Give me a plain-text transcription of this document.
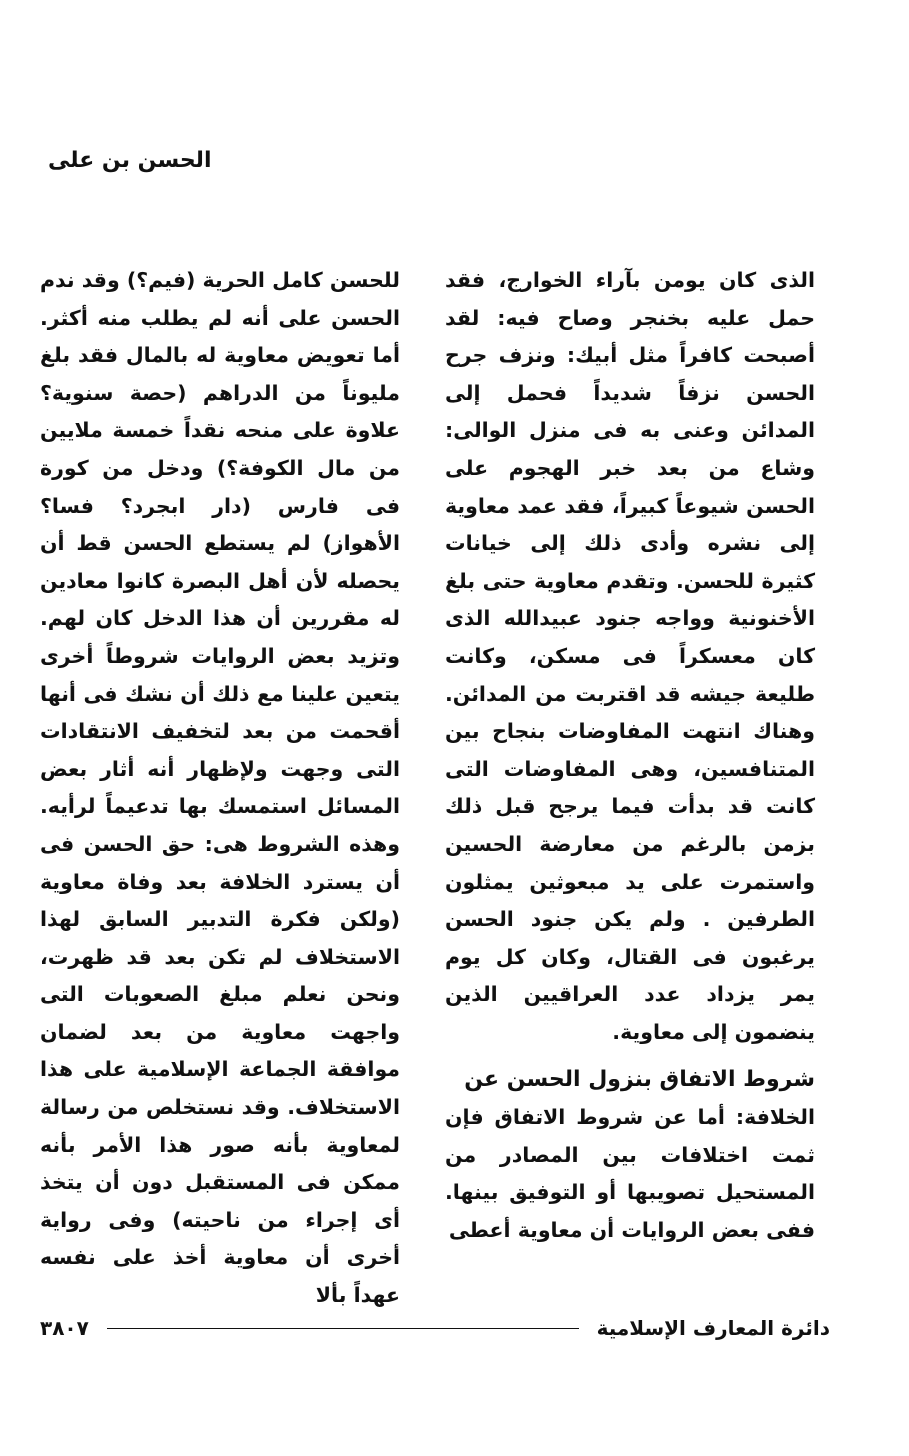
الحسن بن على

الذى كان يومن بآراء الخوارج، فقد حمل عليه بخنجر وصاح فيه: لقد أصبحت كافراً مثل أبيك: ونزف جرح الحسن نزفاً شديداً فحمل إلى المدائن وعنى به فى منزل الوالى: وشاع من بعد خبر الهجوم على الحسن شيوعاً كبيراً، فقد عمد معاوية إلى نشره وأدى ذلك إلى خيانات كثيرة للحسن. وتقدم معاوية حتى بلغ الأخنونية وواجه جنود عبيدالله الذى كان معسكراً فى مسكن، وكانت طليعة جيشه قد اقتربت من المدائن. وهناك انتهت المفاوضات بنجاح بين المتنافسين، وهى المفاوضات التى كانت قد بدأت فيما يرجح قبل ذلك بزمن بالرغم من معارضة الحسين واستمرت على يد مبعوثين يمثلون الطرفين . ولم يكن جنود الحسن يرغبون فى القتال، وكان كل يوم يمر يزداد عدد العراقيين الذين ينضمون إلى معاوية.

شروط الاتفاق بنزول الحسن عن

الخلافة: أما عن شروط الاتفاق فإن ثمت اختلافات بين المصادر من المستحيل تصويبها أو التوفيق بينها. ففى بعض الروايات أن معاوية أعطى

للحسن كامل الحرية (فيم؟) وقد ندم الحسن على أنه لم يطلب منه أكثر. أما تعويض معاوية له بالمال فقد بلغ مليوناً من الدراهم (حصة سنوية؟ علاوة على منحه نقداً خمسة ملايين من مال الكوفة؟) ودخل من كورة فى فارس (دار ابجرد؟ فسا؟ الأهواز) لم يستطع الحسن قط أن يحصله لأن أهل البصرة كانوا معادين له مقررين أن هذا الدخل كان لهم. وتزيد بعض الروايات شروطاً أخرى يتعين علينا مع ذلك أن نشك فى أنها أقحمت من بعد لتخفيف الانتقادات التى وجهت ولإظهار أنه أثار بعض المسائل استمسك بها تدعيماً لرأيه. وهذه الشروط هى: حق الحسن فى أن يسترد الخلافة بعد وفاة معاوية (ولكن فكرة التدبير السابق لهذا الاستخلاف لم تكن بعد قد ظهرت، ونحن نعلم مبلغ الصعوبات التى واجهت معاوية من بعد لضمان موافقة الجماعة الإسلامية على هذا الاستخلاف. وقد نستخلص من رسالة لمعاوية بأنه صور هذا الأمر بأنه ممكن فى المستقبل دون أن يتخذ أى إجراء من ناحيته) وفى رواية أخرى أن معاوية أخذ على نفسه عهداً بألا

دائرة المعارف الإسلامية
٣٨٠٧
